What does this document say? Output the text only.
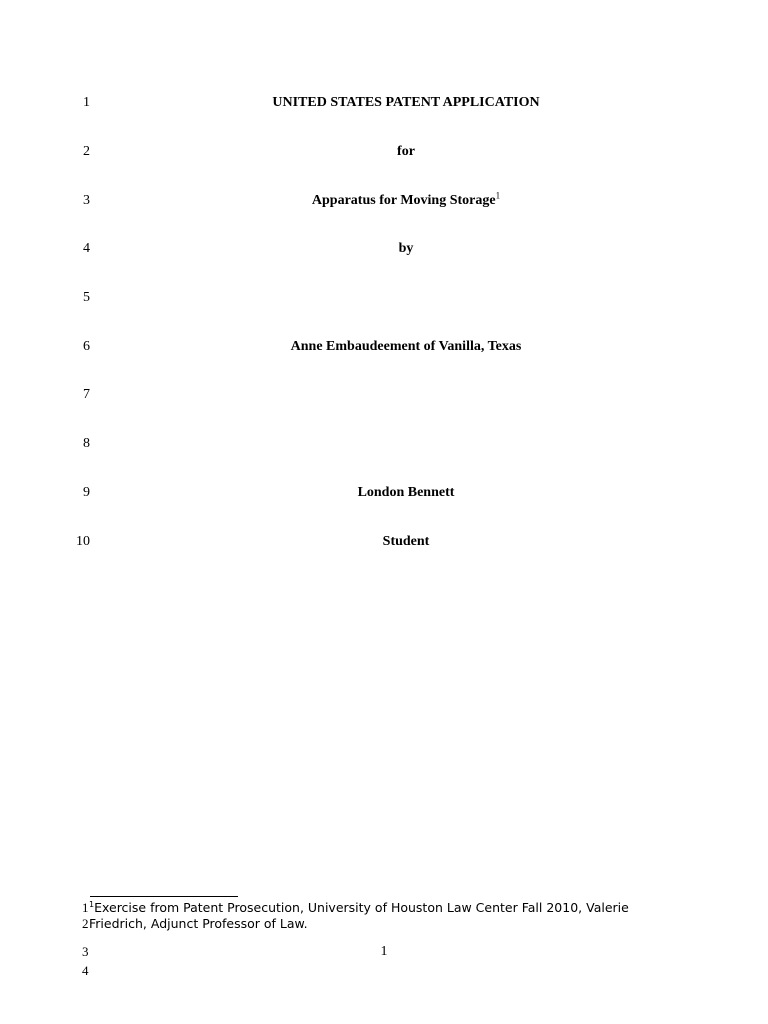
1	UNITED STATES PATENT APPLICATION
2	for
3	Apparatus for Moving Storage$^1$
4	by
5
6	Anne Embaudeement of Vanilla, Texas
7
8
9	London Bennett
10	Student
1 $^1$Exercise from Patent Prosecution, University of Houston Law Center Fall 2010, Valerie
2 Friedrich, Adjunct Professor of Law.
3	1
4
